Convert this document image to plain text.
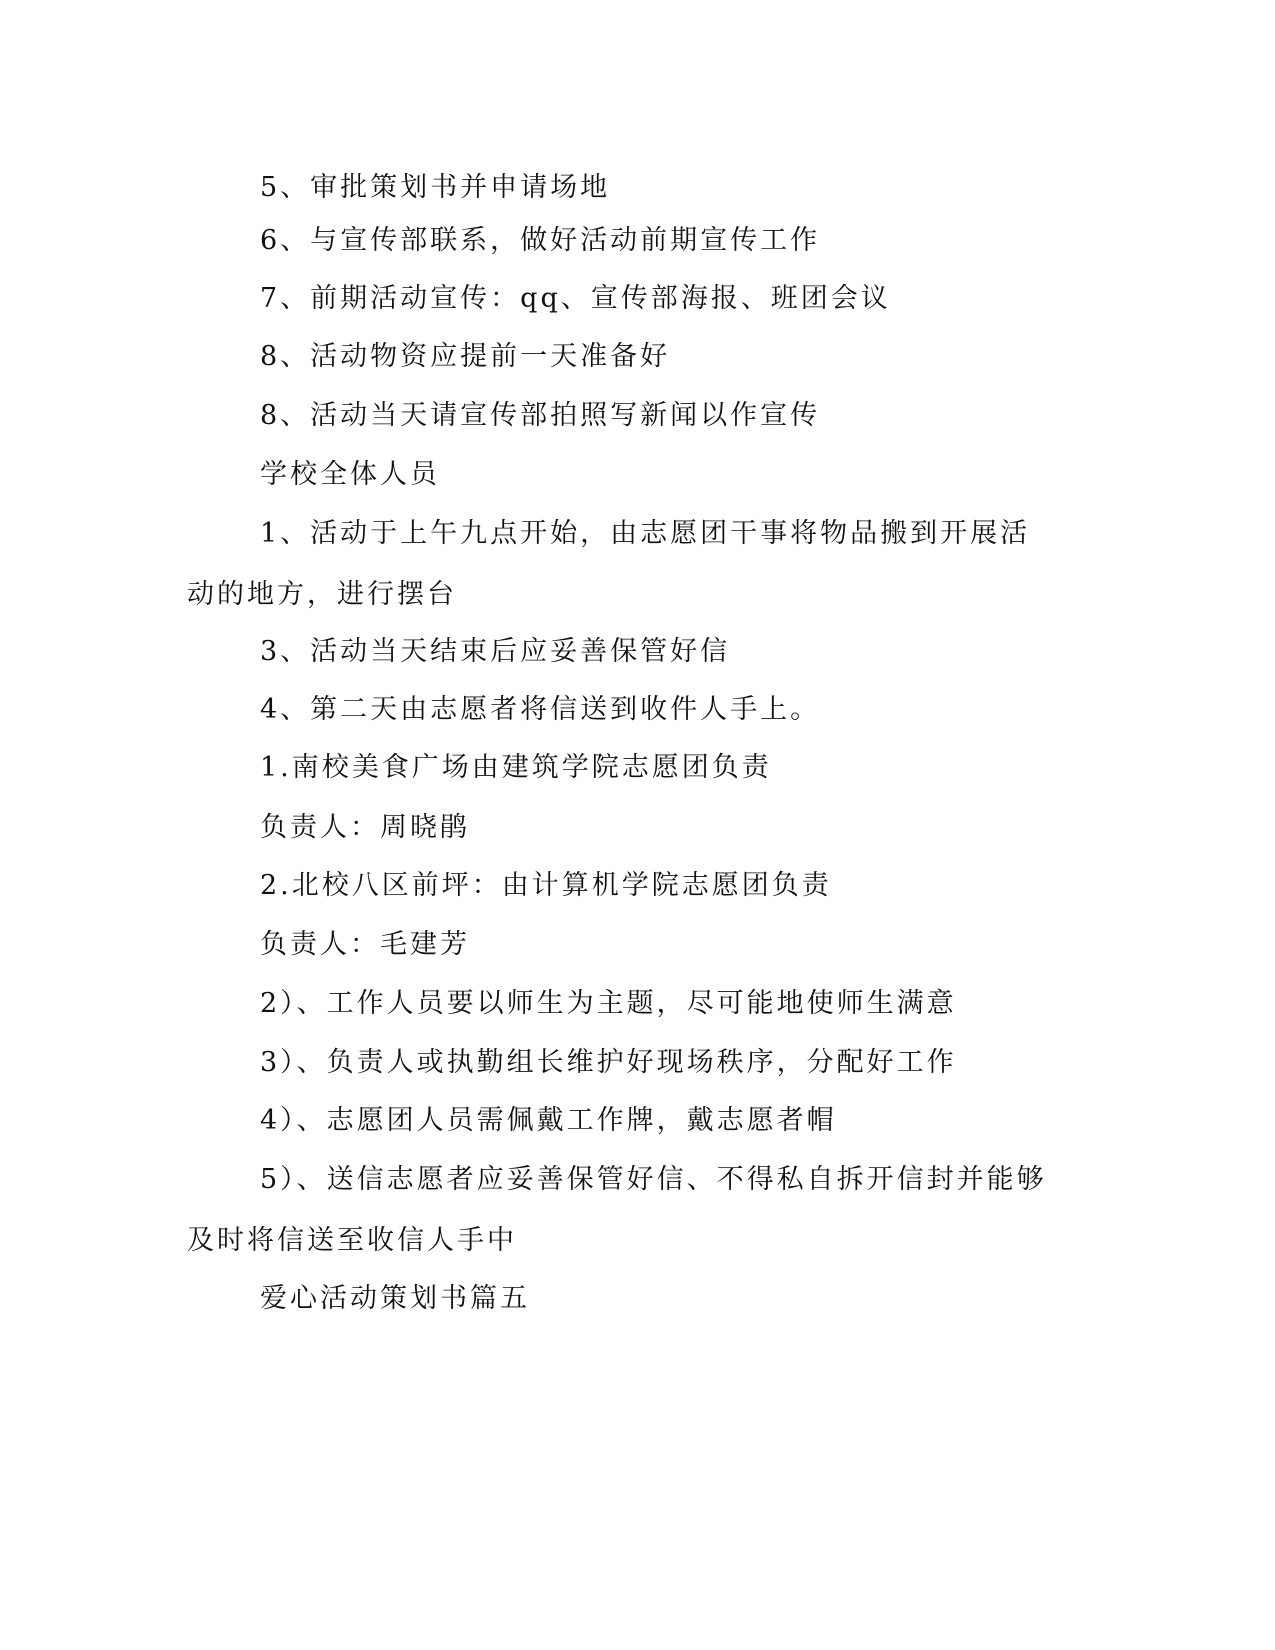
5、审批策划书并申请场地

6、与宣传部联系，做好活动前期宣传工作

7、前期活动宣传：qq、宣传部海报、班团会议

8、活动物资应提前一天准备好

8、活动当天请宣传部拍照写新闻以作宣传

学校全体人员

1、活动于上午九点开始，由志愿团干事将物品搬到开展活动的地方，进行摆台

3、活动当天结束后应妥善保管好信

4、第二天由志愿者将信送到收件人手上。

1.南校美食广场由建筑学院志愿团负责

负责人：周晓鹃

2.北校八区前坪：由计算机学院志愿团负责

负责人：毛建芳

2）、工作人员要以师生为主题，尽可能地使师生满意

3）、负责人或执勤组长维护好现场秩序，分配好工作

4）、志愿团人员需佩戴工作牌，戴志愿者帽

5）、送信志愿者应妥善保管好信、不得私自拆开信封并能够及时将信送至收信人手中

爱心活动策划书篇五
